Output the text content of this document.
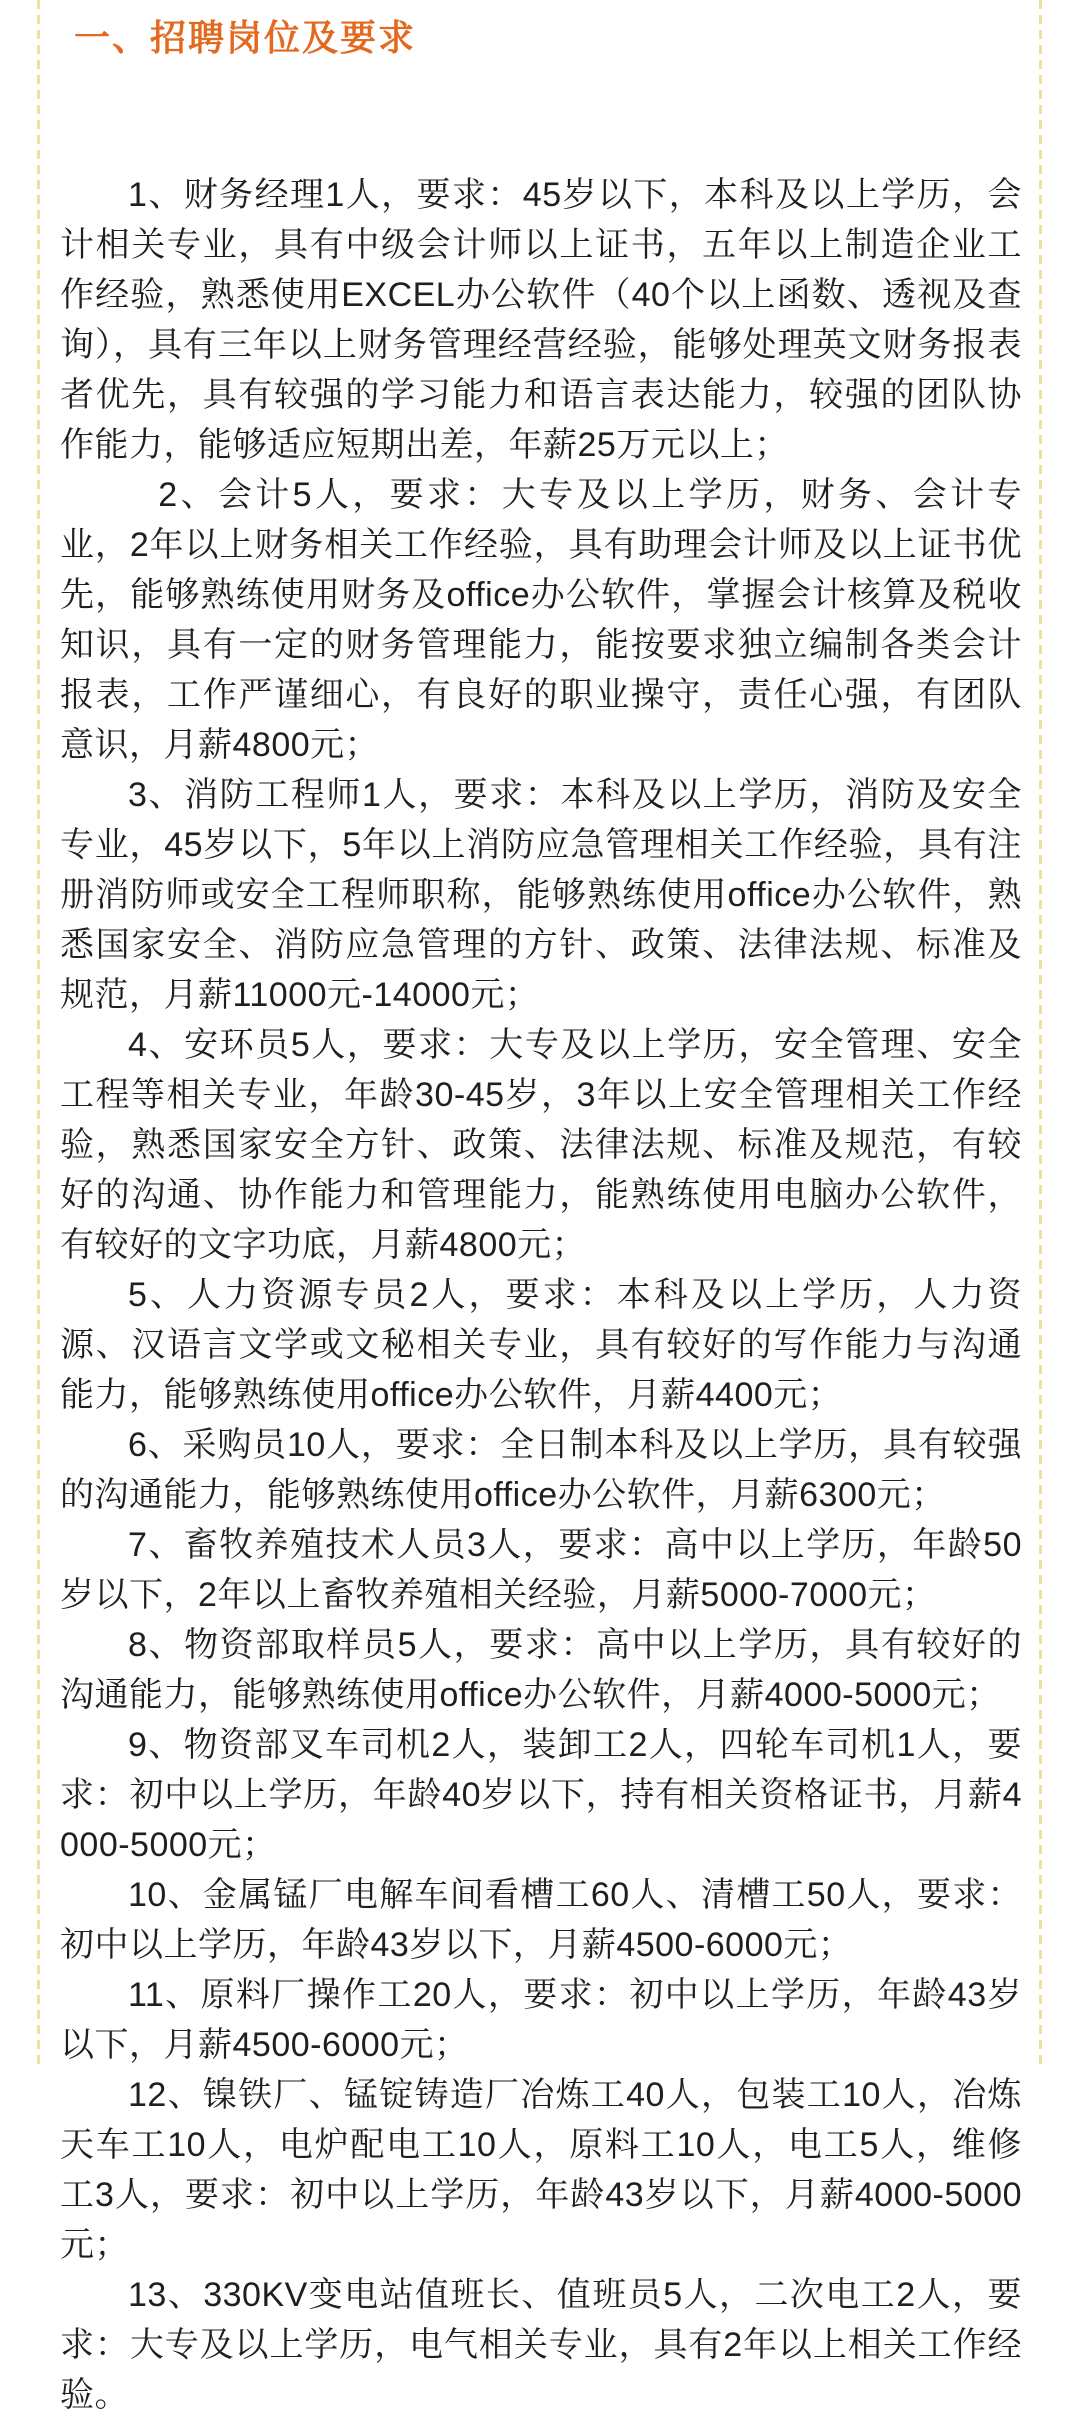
一、招聘岗位及要求

1、财务经理1人，要求：45岁以下，本科及以上学历，会计相关专业，具有中级会计师以上证书，五年以上制造企业工作经验，熟悉使用EXCEL办公软件（40个以上函数、透视及查询），具有三年以上财务管理经营经验，能够处理英文财务报表者优先，具有较强的学习能力和语言表达能力，较强的团队协作能力，能够适应短期出差，年薪25万元以上；

  2、会计5人，要求：大专及以上学历，财务、会计专业，2年以上财务相关工作经验，具有助理会计师及以上证书优先，能够熟练使用财务及office办公软件，掌握会计核算及税收知识，具有一定的财务管理能力，能按要求独立编制各类会计报表，工作严谨细心，有良好的职业操守，责任心强，有团队意识，月薪4800元；

3、消防工程师1人，要求：本科及以上学历，消防及安全专业，45岁以下，5年以上消防应急管理相关工作经验，具有注册消防师或安全工程师职称，能够熟练使用office办公软件，熟悉国家安全、消防应急管理的方针、政策、法律法规、标准及规范，月薪11000元-14000元；

4、安环员5人，要求：大专及以上学历，安全管理、安全工程等相关专业，年龄30-45岁，3年以上安全管理相关工作经验，熟悉国家安全方针、政策、法律法规、标准及规范，有较好的沟通、协作能力和管理能力，能熟练使用电脑办公软件，有较好的文字功底，月薪4800元；

5、人力资源专员2人，要求：本科及以上学历，人力资源、汉语言文学或文秘相关专业，具有较好的写作能力与沟通能力，能够熟练使用office办公软件，月薪4400元；

6、采购员10人，要求：全日制本科及以上学历，具有较强的沟通能力，能够熟练使用office办公软件，月薪6300元；

7、畜牧养殖技术人员3人，要求：高中以上学历，年龄50岁以下，2年以上畜牧养殖相关经验，月薪5000-7000元；

8、物资部取样员5人，要求：高中以上学历，具有较好的沟通能力，能够熟练使用office办公软件，月薪4000-5000元；

9、物资部叉车司机2人，装卸工2人，四轮车司机1人，要求：初中以上学历，年龄40岁以下，持有相关资格证书，月薪4000-5000元；

10、金属锰厂电解车间看槽工60人、清槽工50人，要求：初中以上学历，年龄43岁以下，月薪4500-6000元；

11、原料厂操作工20人，要求：初中以上学历，年龄43岁以下，月薪4500-6000元；

12、镍铁厂、锰锭铸造厂冶炼工40人，包装工10人，冶炼天车工10人，电炉配电工10人，原料工10人，电工5人，维修工3人，要求：初中以上学历，年龄43岁以下，月薪4000-5000元；

13、330KV变电站值班长、值班员5人，二次电工2人，要求：大专及以上学历，电气相关专业，具有2年以上相关工作经验。
